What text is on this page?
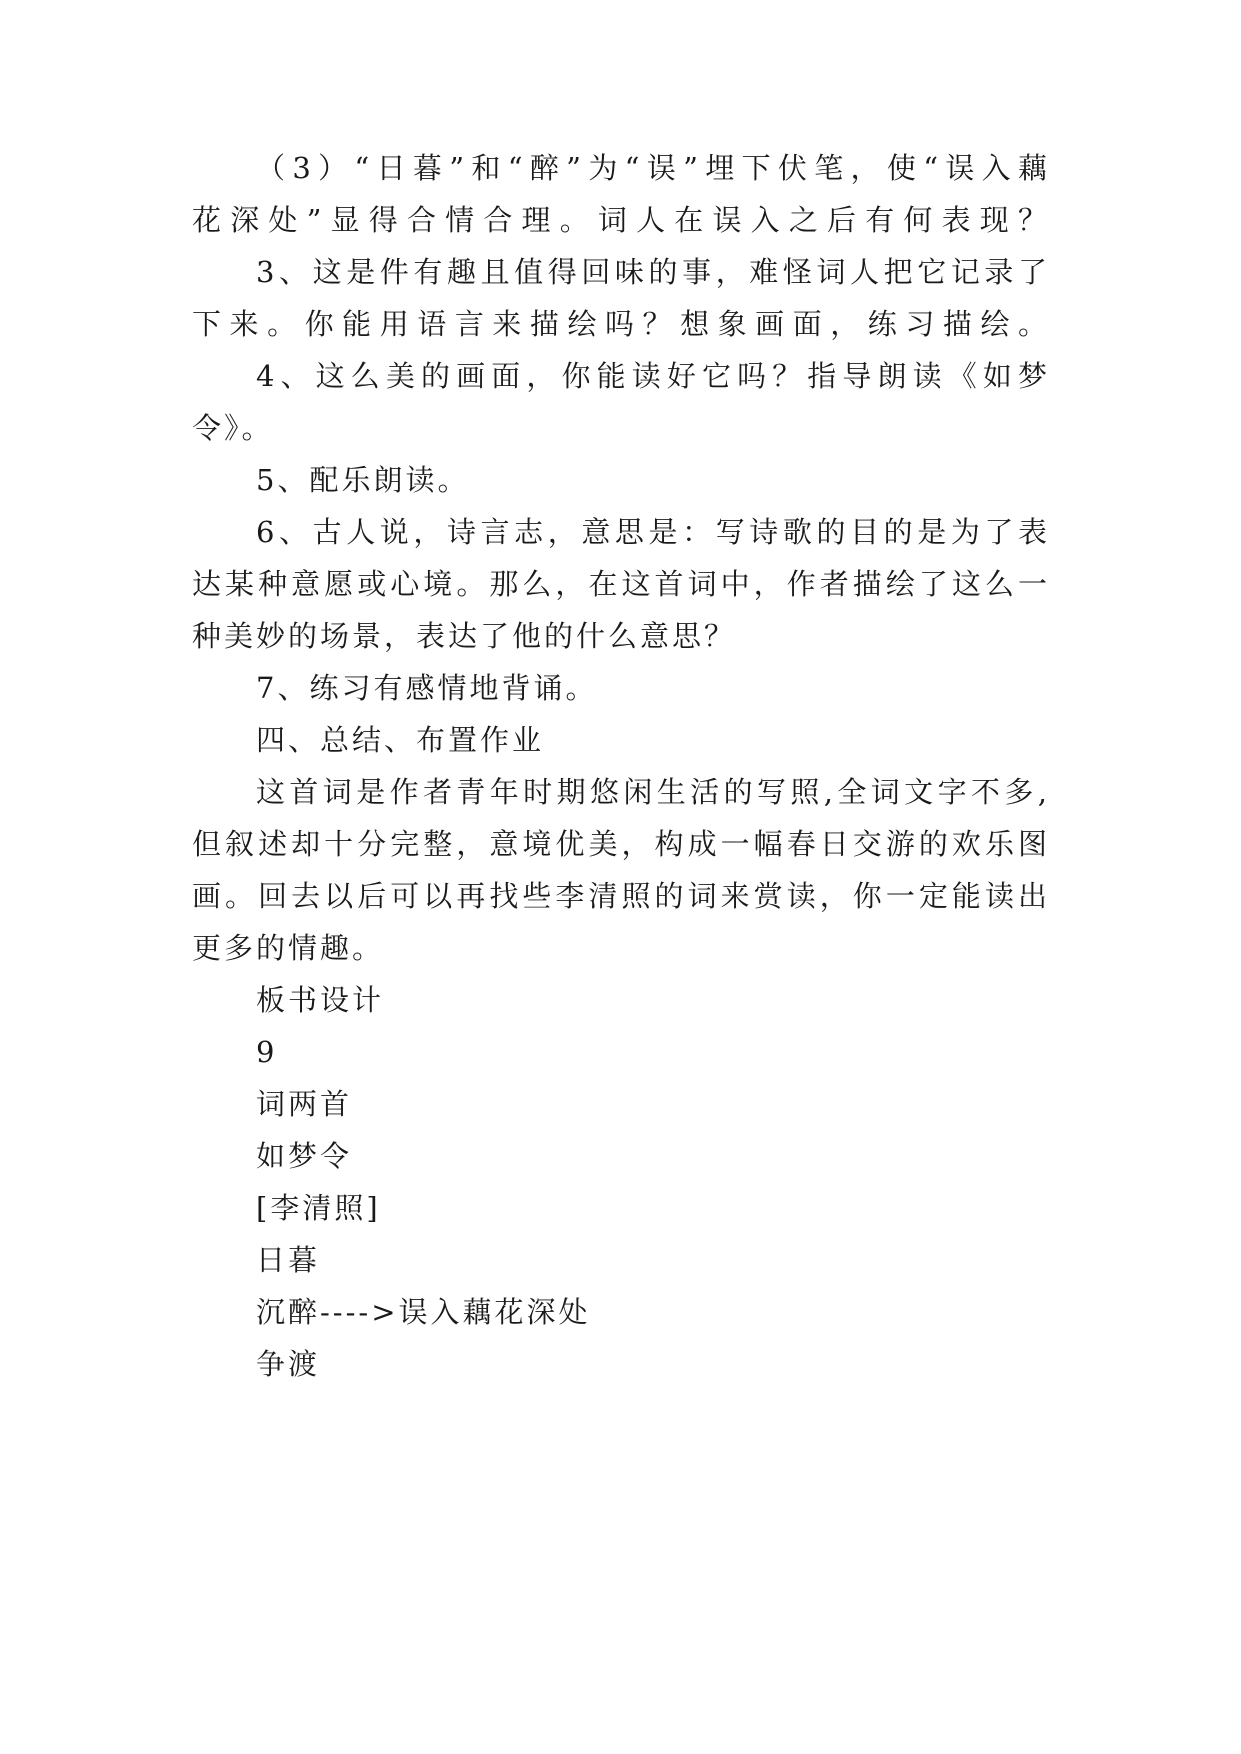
（3）“日暮”和“醉”为“误”埋下伏笔，使“误入藕
花深处”显得合情合理。词人在误入之后有何表现？
3、这是件有趣且值得回味的事，难怪词人把它记录了
下来。你能用语言来描绘吗？想象画面，练习描绘。
4、这么美的画面，你能读好它吗？指导朗读《如梦
令》。
5、配乐朗读。
6、古人说，诗言志，意思是：写诗歌的目的是为了表
达某种意愿或心境。那么，在这首词中，作者描绘了这么一
种美妙的场景，表达了他的什么意思？
7、练习有感情地背诵。
四、总结、布置作业
这首词是作者青年时期悠闲生活的写照,全词文字不多,
但叙述却十分完整，意境优美，构成一幅春日交游的欢乐图
画。回去以后可以再找些李清照的词来赏读，你一定能读出
更多的情趣。
板书设计
9
词两首
如梦令
[李清照]
日暮
沉醉---->误入藕花深处
争渡
